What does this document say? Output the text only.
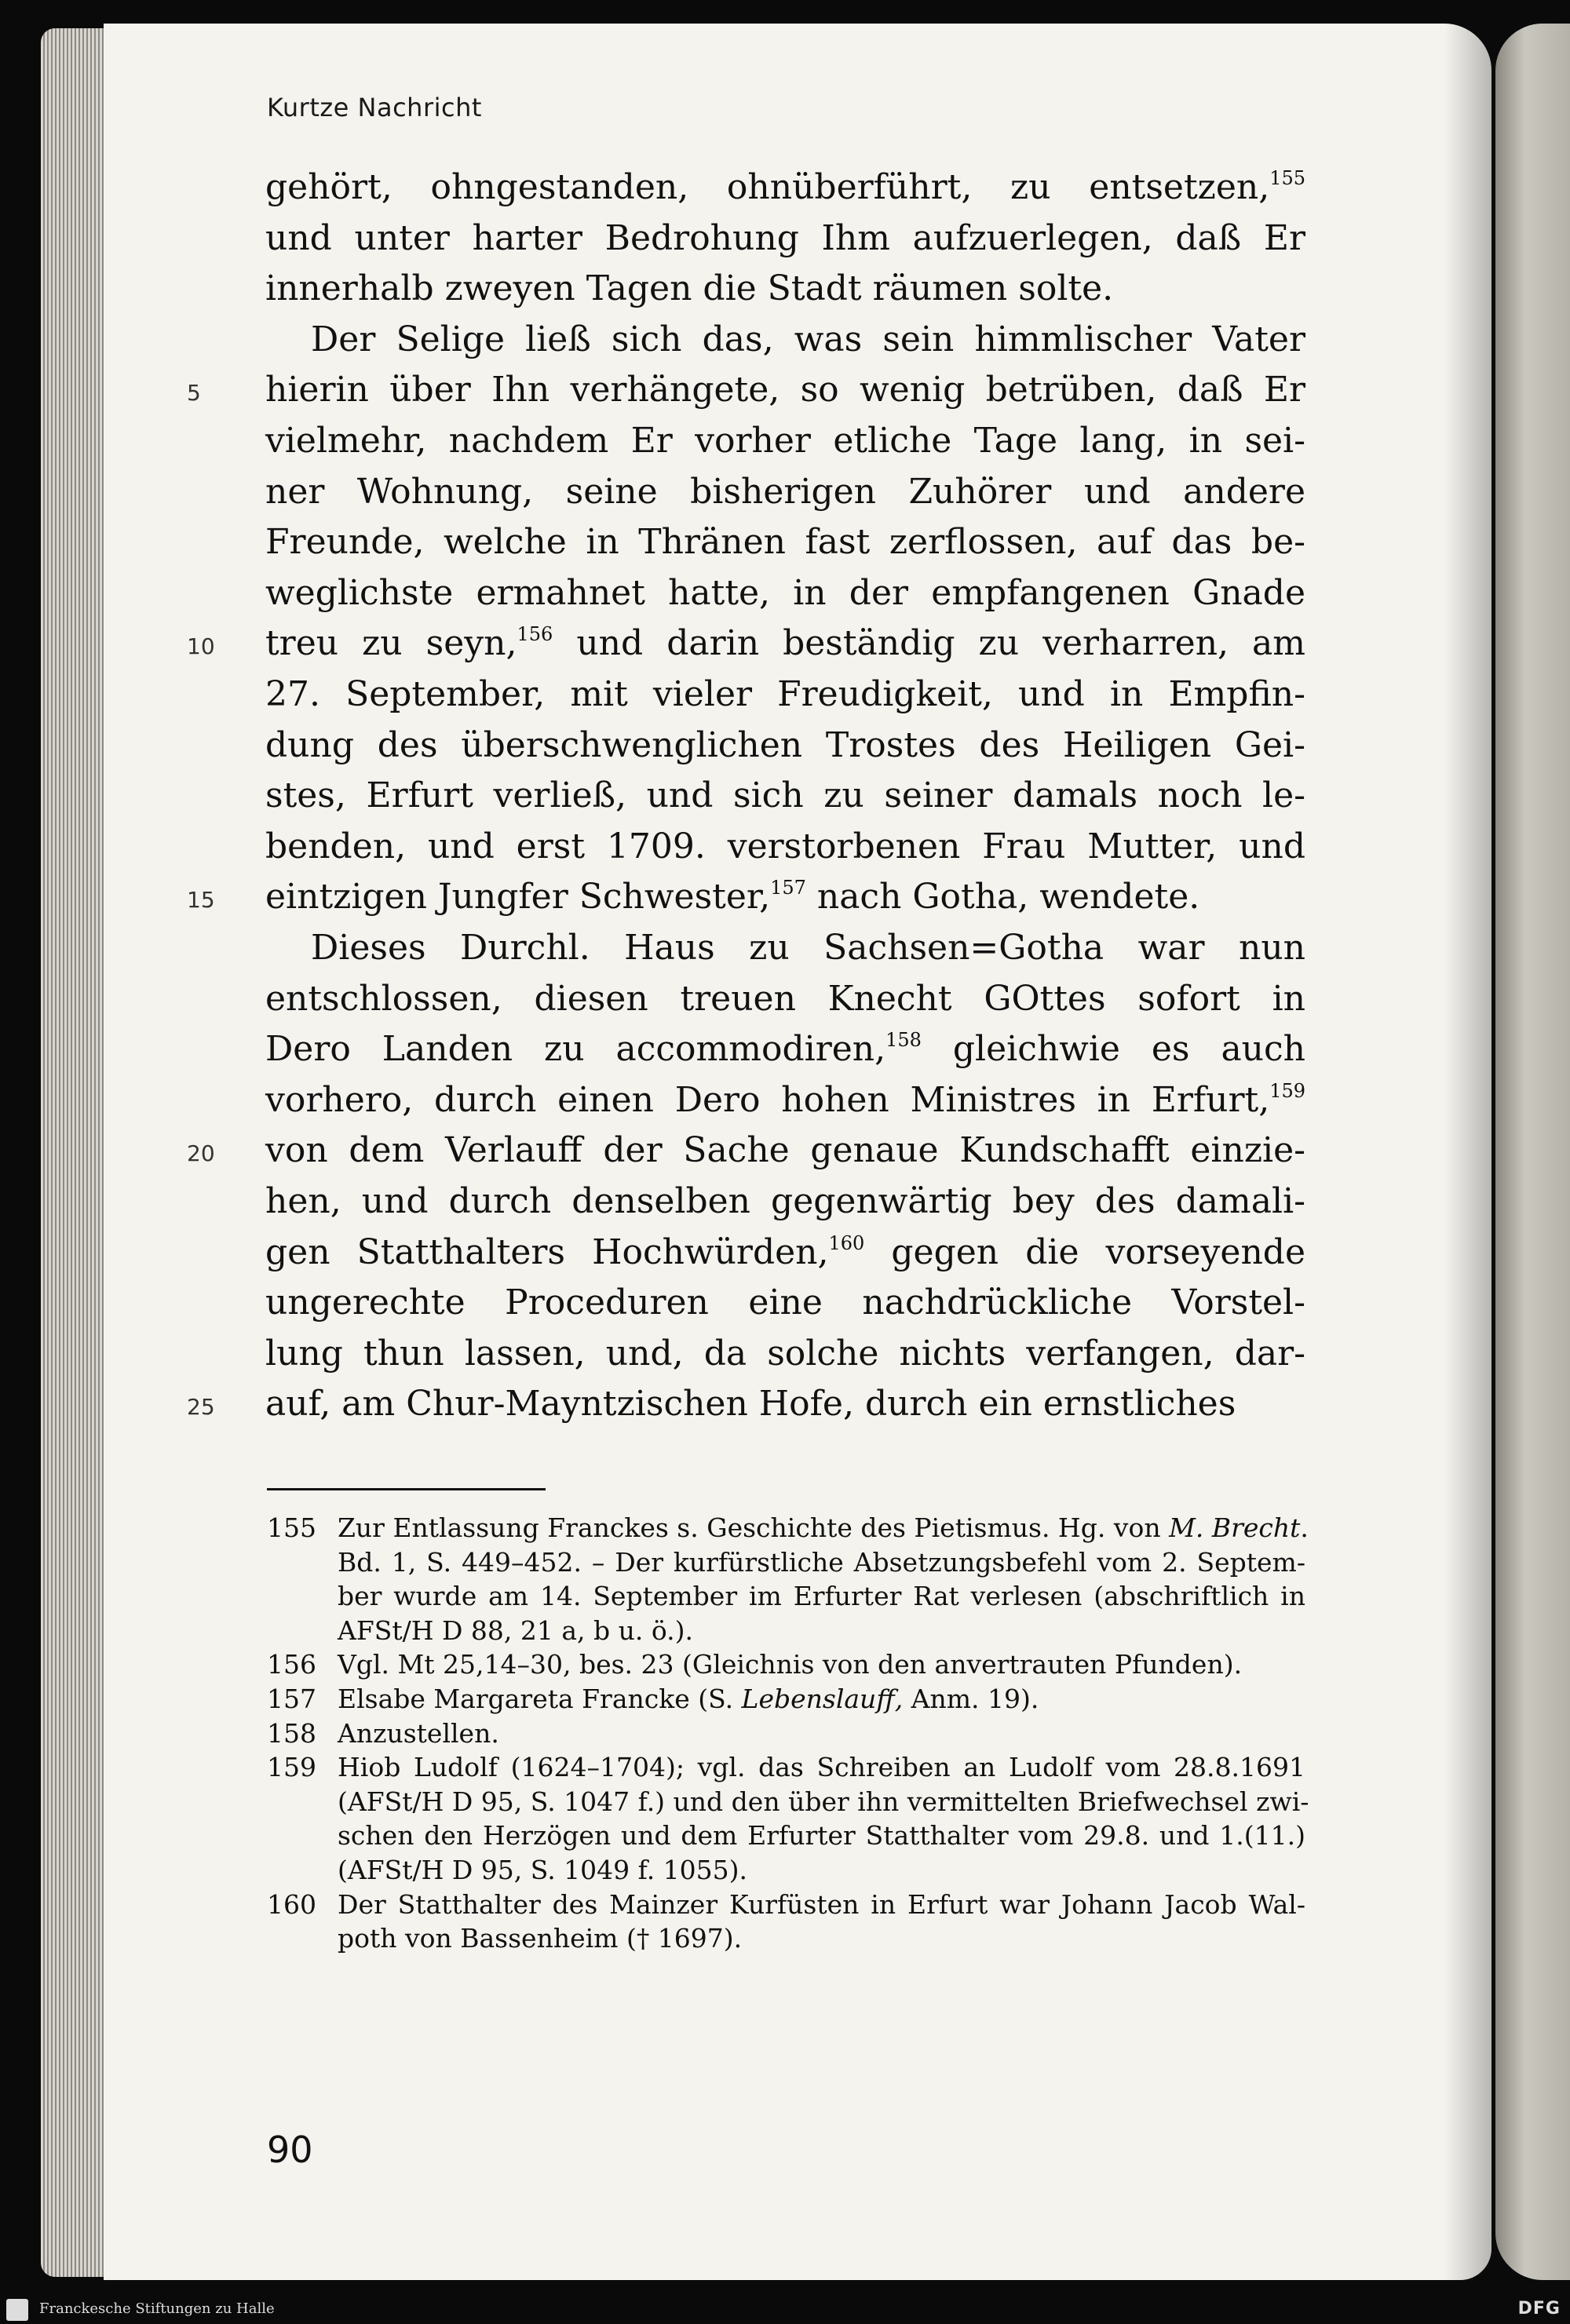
Kurtze Nachricht
gehört, ohngestanden, ohnüberführt, zu entsetzen,$^{155}$
und unter harter Bedrohung Ihm aufzuerlegen, daß Er
innerhalb zweyen Tagen die Stadt räumen solte.
Der Selige ließ sich das, was sein himmlischer Vater
hierin über Ihn verhängete, so wenig betrüben, daß Er
vielmehr, nachdem Er vorher etliche Tage lang, in sei-
ner Wohnung, seine bisherigen Zuhörer und andere
Freunde, welche in Thränen fast zerflossen, auf das be-
weglichste ermahnet hatte, in der empfangenen Gnade
treu zu seyn,$^{156}$ und darin beständig zu verharren, am
27. September, mit vieler Freudigkeit, und in Empfin-
dung des überschwenglichen Trostes des Heiligen Gei-
stes, Erfurt verließ, und sich zu seiner damals noch le-
benden, und erst 1709. verstorbenen Frau Mutter, und
eintzigen Jungfer Schwester,$^{157}$ nach Gotha, wendete.
Dieses Durchl. Haus zu Sachsen=Gotha war nun
entschlossen, diesen treuen Knecht GOttes sofort in
Dero Landen zu accommodiren,$^{158}$ gleichwie es auch
vorhero, durch einen Dero hohen Ministres in Erfurt,$^{159}$
von dem Verlauff der Sache genaue Kundschafft einzie-
hen, und durch denselben gegenwärtig bey des damali-
gen Statthalters Hochwürden,$^{160}$ gegen die vorseyende
ungerechte Proceduren eine nachdrückliche Vorstel-
lung thun lassen, und, da solche nichts verfangen, dar-
auf, am Chur-Mayntzischen Hofe, durch ein ernstliches
5
10
15
20
25
155 Zur Entlassung Franckes s. Geschichte des Pietismus. Hg. von M. Brecht.
Bd. 1, S. 449–452. – Der kurfürstliche Absetzungsbefehl vom 2. Septem-
ber wurde am 14. September im Erfurter Rat verlesen (abschriftlich in
AFSt/H D 88, 21 a, b u. ö.).
156 Vgl. Mt 25,14–30, bes. 23 (Gleichnis von den anvertrauten Pfunden).
157 Elsabe Margareta Francke (S. Lebenslauff, Anm. 19).
158 Anzustellen.
159 Hiob Ludolf (1624–1704); vgl. das Schreiben an Ludolf vom 28.8.1691
(AFSt/H D 95, S. 1047 f.) und den über ihn vermittelten Briefwechsel zwi-
schen den Herzögen und dem Erfurter Statthalter vom 29.8. und 1.(11.)
(AFSt/H D 95, S. 1049 f. 1055).
160 Der Statthalter des Mainzer Kurfüsten in Erfurt war Johann Jacob Wal-
poth von Bassenheim († 1697).
90
Franckesche Stiftungen zu Halle	DFG
